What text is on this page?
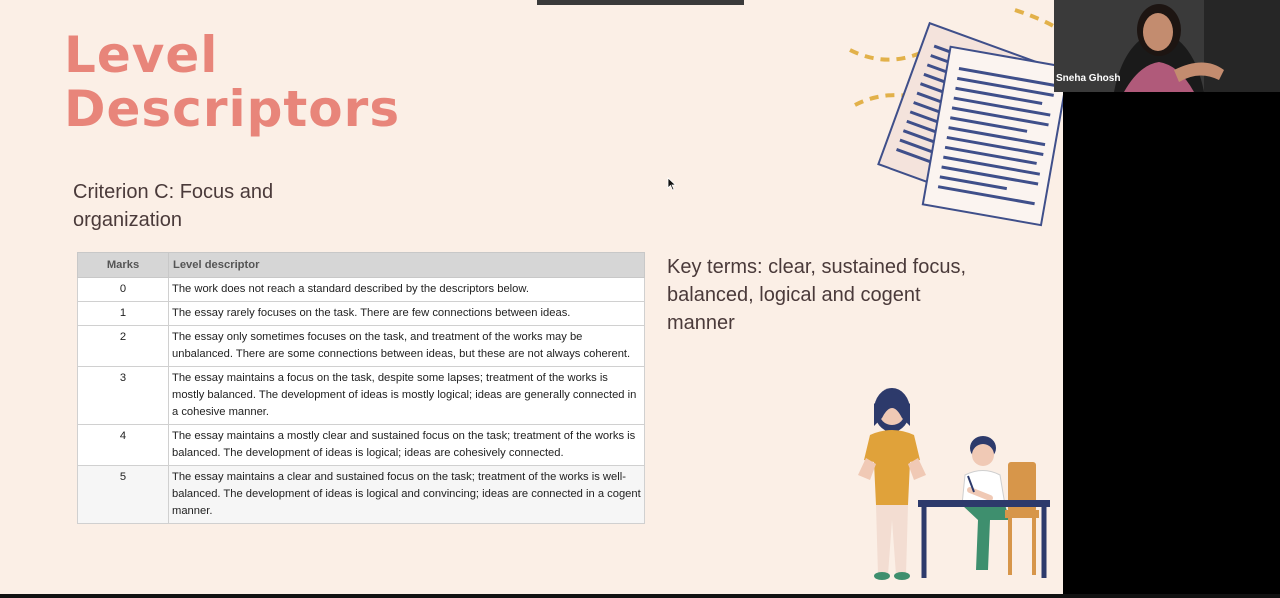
Level
Descriptors
Criterion C: Focus and
organization
Marks	Level descriptor
0	The work does not reach a standard described by the descriptors below.
1	The essay rarely focuses on the task. There are few connections between ideas.
2	The essay only sometimes focuses on the task, and treatment of the works may be unbalanced. There are some connections between ideas, but these are not always coherent.
3	The essay maintains a focus on the task, despite some lapses; treatment of the works is mostly balanced. The development of ideas is mostly logical; ideas are generally connected in a cohesive manner.
4	The essay maintains a mostly clear and sustained focus on the task; treatment of the works is balanced. The development of ideas is logical; ideas are cohesively connected.
5	The essay maintains a clear and sustained focus on the task; treatment of the works is well-balanced. The development of ideas is logical and convincing; ideas are connected in a cogent manner.
Key terms: clear, sustained focus, balanced, logical and cogent manner
Sneha Ghosh
